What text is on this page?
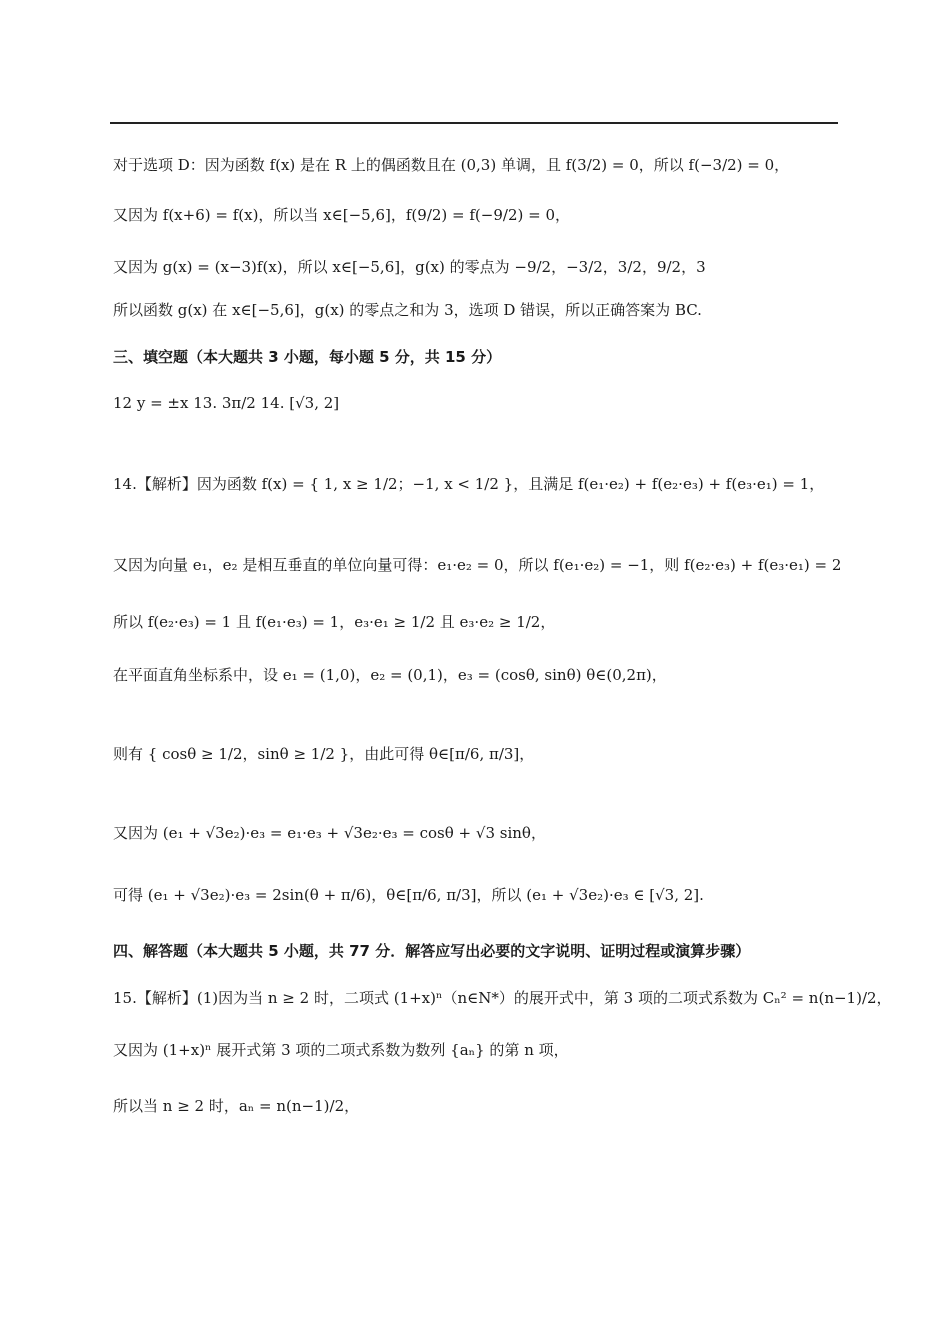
对于选项 D：因为函数 f(x) 是在 R 上的偶函数且在 (0,3) 单调，且 f(3/2) = 0，所以 f(−3/2) = 0，
又因为 f(x+6) = f(x)，所以当 x∈[−5,6]，f(9/2) = f(−9/2) = 0，
又因为 g(x) = (x−3)f(x)，所以 x∈[−5,6]，g(x) 的零点为 −9/2，−3/2，3/2，9/2，3
所以函数 g(x) 在 x∈[−5,6]，g(x) 的零点之和为 3，选项 D 错误，所以正确答案为 BC.
三、填空题（本大题共 3 小题，每小题 5 分，共 15 分）
12 y = ±x 13. 3π/2 14. [√3, 2]
14.【解析】因为函数 f(x) = { 1, x ≥ 1/2；−1, x < 1/2 }，且满足 f(e₁·e₂) + f(e₂·e₃) + f(e₃·e₁) = 1，
又因为向量 e₁，e₂ 是相互垂直的单位向量可得：e₁·e₂ = 0，所以 f(e₁·e₂) = −1，则 f(e₂·e₃) + f(e₃·e₁) = 2
所以 f(e₂·e₃) = 1 且 f(e₁·e₃) = 1，e₃·e₁ ≥ 1/2 且 e₃·e₂ ≥ 1/2，
在平面直角坐标系中，设 e₁ = (1,0)，e₂ = (0,1)，e₃ = (cosθ, sinθ) θ∈(0,2π)，
则有 { cosθ ≥ 1/2，sinθ ≥ 1/2 }，由此可得 θ∈[π/6, π/3]，
又因为 (e₁ + √3e₂)·e₃ = e₁·e₃ + √3e₂·e₃ = cosθ + √3 sinθ，
可得 (e₁ + √3e₂)·e₃ = 2sin(θ + π/6)，θ∈[π/6, π/3]，所以 (e₁ + √3e₂)·e₃ ∈ [√3, 2].
四、解答题（本大题共 5 小题，共 77 分．解答应写出必要的文字说明、证明过程或演算步骤）
15.【解析】(1)因为当 n ≥ 2 时，二项式 (1+x)ⁿ（n∈N*）的展开式中，第 3 项的二项式系数为 Cₙ² = n(n−1)/2，
又因为 (1+x)ⁿ 展开式第 3 项的二项式系数为数列 {aₙ} 的第 n 项，
所以当 n ≥ 2 时，aₙ = n(n−1)/2，
